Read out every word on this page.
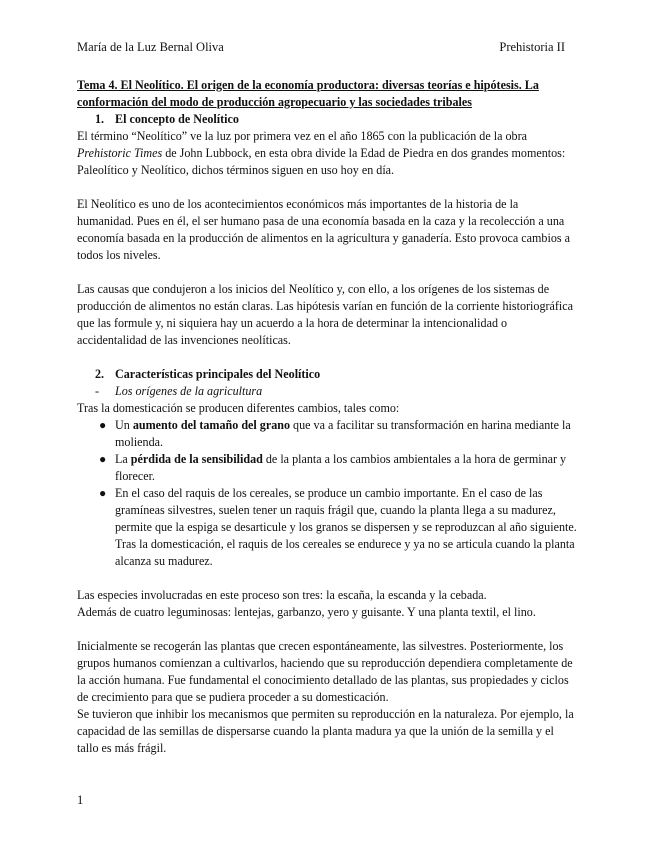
María de la Luz Bernal Oliva	Prehistoria II

Tema 4. El Neolítico. El origen de la economía productora: diversas teorías e hipótesis. La conformación del modo de producción agropecuario y las sociedades tribales

1. El concepto de Neolítico

El término “Neolítico” ve la luz por primera vez en el año 1865 con la publicación de la obra Prehistoric Times de John Lubbock, en esta obra divide la Edad de Piedra en dos grandes momentos: Paleolítico y Neolítico, dichos términos siguen en uso hoy en día.

El Neolítico es uno de los acontecimientos económicos más importantes de la historia de la humanidad. Pues en él, el ser humano pasa de una economía basada en la caza y la recolección a una economía basada en la producción de alimentos en la agricultura y ganadería. Esto provoca cambios a todos los niveles.

Las causas que condujeron a los inicios del Neolítico y, con ello, a los orígenes de los sistemas de producción de alimentos no están claras. Las hipótesis varían en función de la corriente historiográfica que las formule y, ni siquiera hay un acuerdo a la hora de determinar la intencionalidad o accidentalidad de las invenciones neolíticas.

2. Características principales del Neolítico
- Los orígenes de la agricultura

Tras la domesticación se producen diferentes cambios, tales como:

● Un aumento del tamaño del grano que va a facilitar su transformación en harina mediante la molienda.
● La pérdida de la sensibilidad de la planta a los cambios ambientales a la hora de germinar y florecer.
● En el caso del raquis de los cereales, se produce un cambio importante. En el caso de las gramíneas silvestres, suelen tener un raquis frágil que, cuando la planta llega a su madurez, permite que la espiga se desarticule y los granos se dispersen y se reproduzcan al año siguiente. Tras la domesticación, el raquis de los cereales se endurece y ya no se articula cuando la planta alcanza su madurez.

Las especies involucradas en este proceso son tres: la escaña, la escanda y la cebada.

Además de cuatro leguminosas: lentejas, garbanzo, yero y guisante. Y una planta textil, el lino.

Inicialmente se recogerán las plantas que crecen espontáneamente, las silvestres. Posteriormente, los grupos humanos comienzan a cultivarlos, haciendo que su reproducción dependiera completamente de la acción humana. Fue fundamental el conocimiento detallado de las plantas, sus propiedades y ciclos de crecimiento para que se pudiera proceder a su domesticación.

Se tuvieron que inhibir los mecanismos que permiten su reproducción en la naturaleza. Por ejemplo, la capacidad de las semillas de dispersarse cuando la planta madura ya que la unión de la semilla y el tallo es más frágil.

1
